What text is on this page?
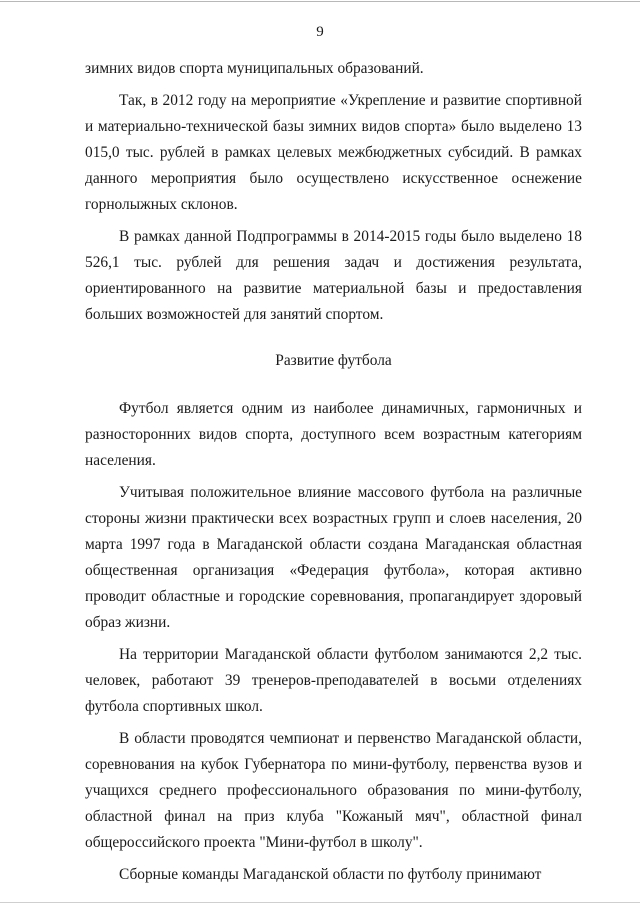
9

зимних видов спорта муниципальных образований.

Так, в 2012 году на мероприятие «Укрепление и развитие спортивной и материально-технической базы зимних видов спорта» было выделено 13 015,0 тыс. рублей в рамках целевых межбюджетных субсидий. В рамках данного мероприятия было осуществлено искусственное оснежение горнолыжных склонов.

В рамках данной Подпрограммы в 2014-2015 годы было выделено 18 526,1 тыс. рублей для решения задач и достижения результата, ориентированного на развитие материальной базы и предоставления больших возможностей для занятий спортом.

Развитие футбола

Футбол является одним из наиболее динамичных, гармоничных и разносторонних видов спорта, доступного всем возрастным категориям населения.

Учитывая положительное влияние массового футбола на различные стороны жизни практически всех возрастных групп и слоев населения, 20 марта 1997 года в Магаданской области создана Магаданская областная общественная организация «Федерация футбола», которая активно проводит областные и городские соревнования, пропагандирует здоровый образ жизни.

На территории Магаданской области футболом занимаются 2,2 тыс. человек, работают 39 тренеров-преподавателей в восьми отделениях футбола спортивных школ.

В области проводятся чемпионат и первенство Магаданской области, соревнования на кубок Губернатора по мини-футболу, первенства вузов и учащихся среднего профессионального образования по мини-футболу, областной финал на приз клуба "Кожаный мяч", областной финал общероссийского проекта "Мини-футбол в школу".

Сборные команды Магаданской области по футболу принимают
